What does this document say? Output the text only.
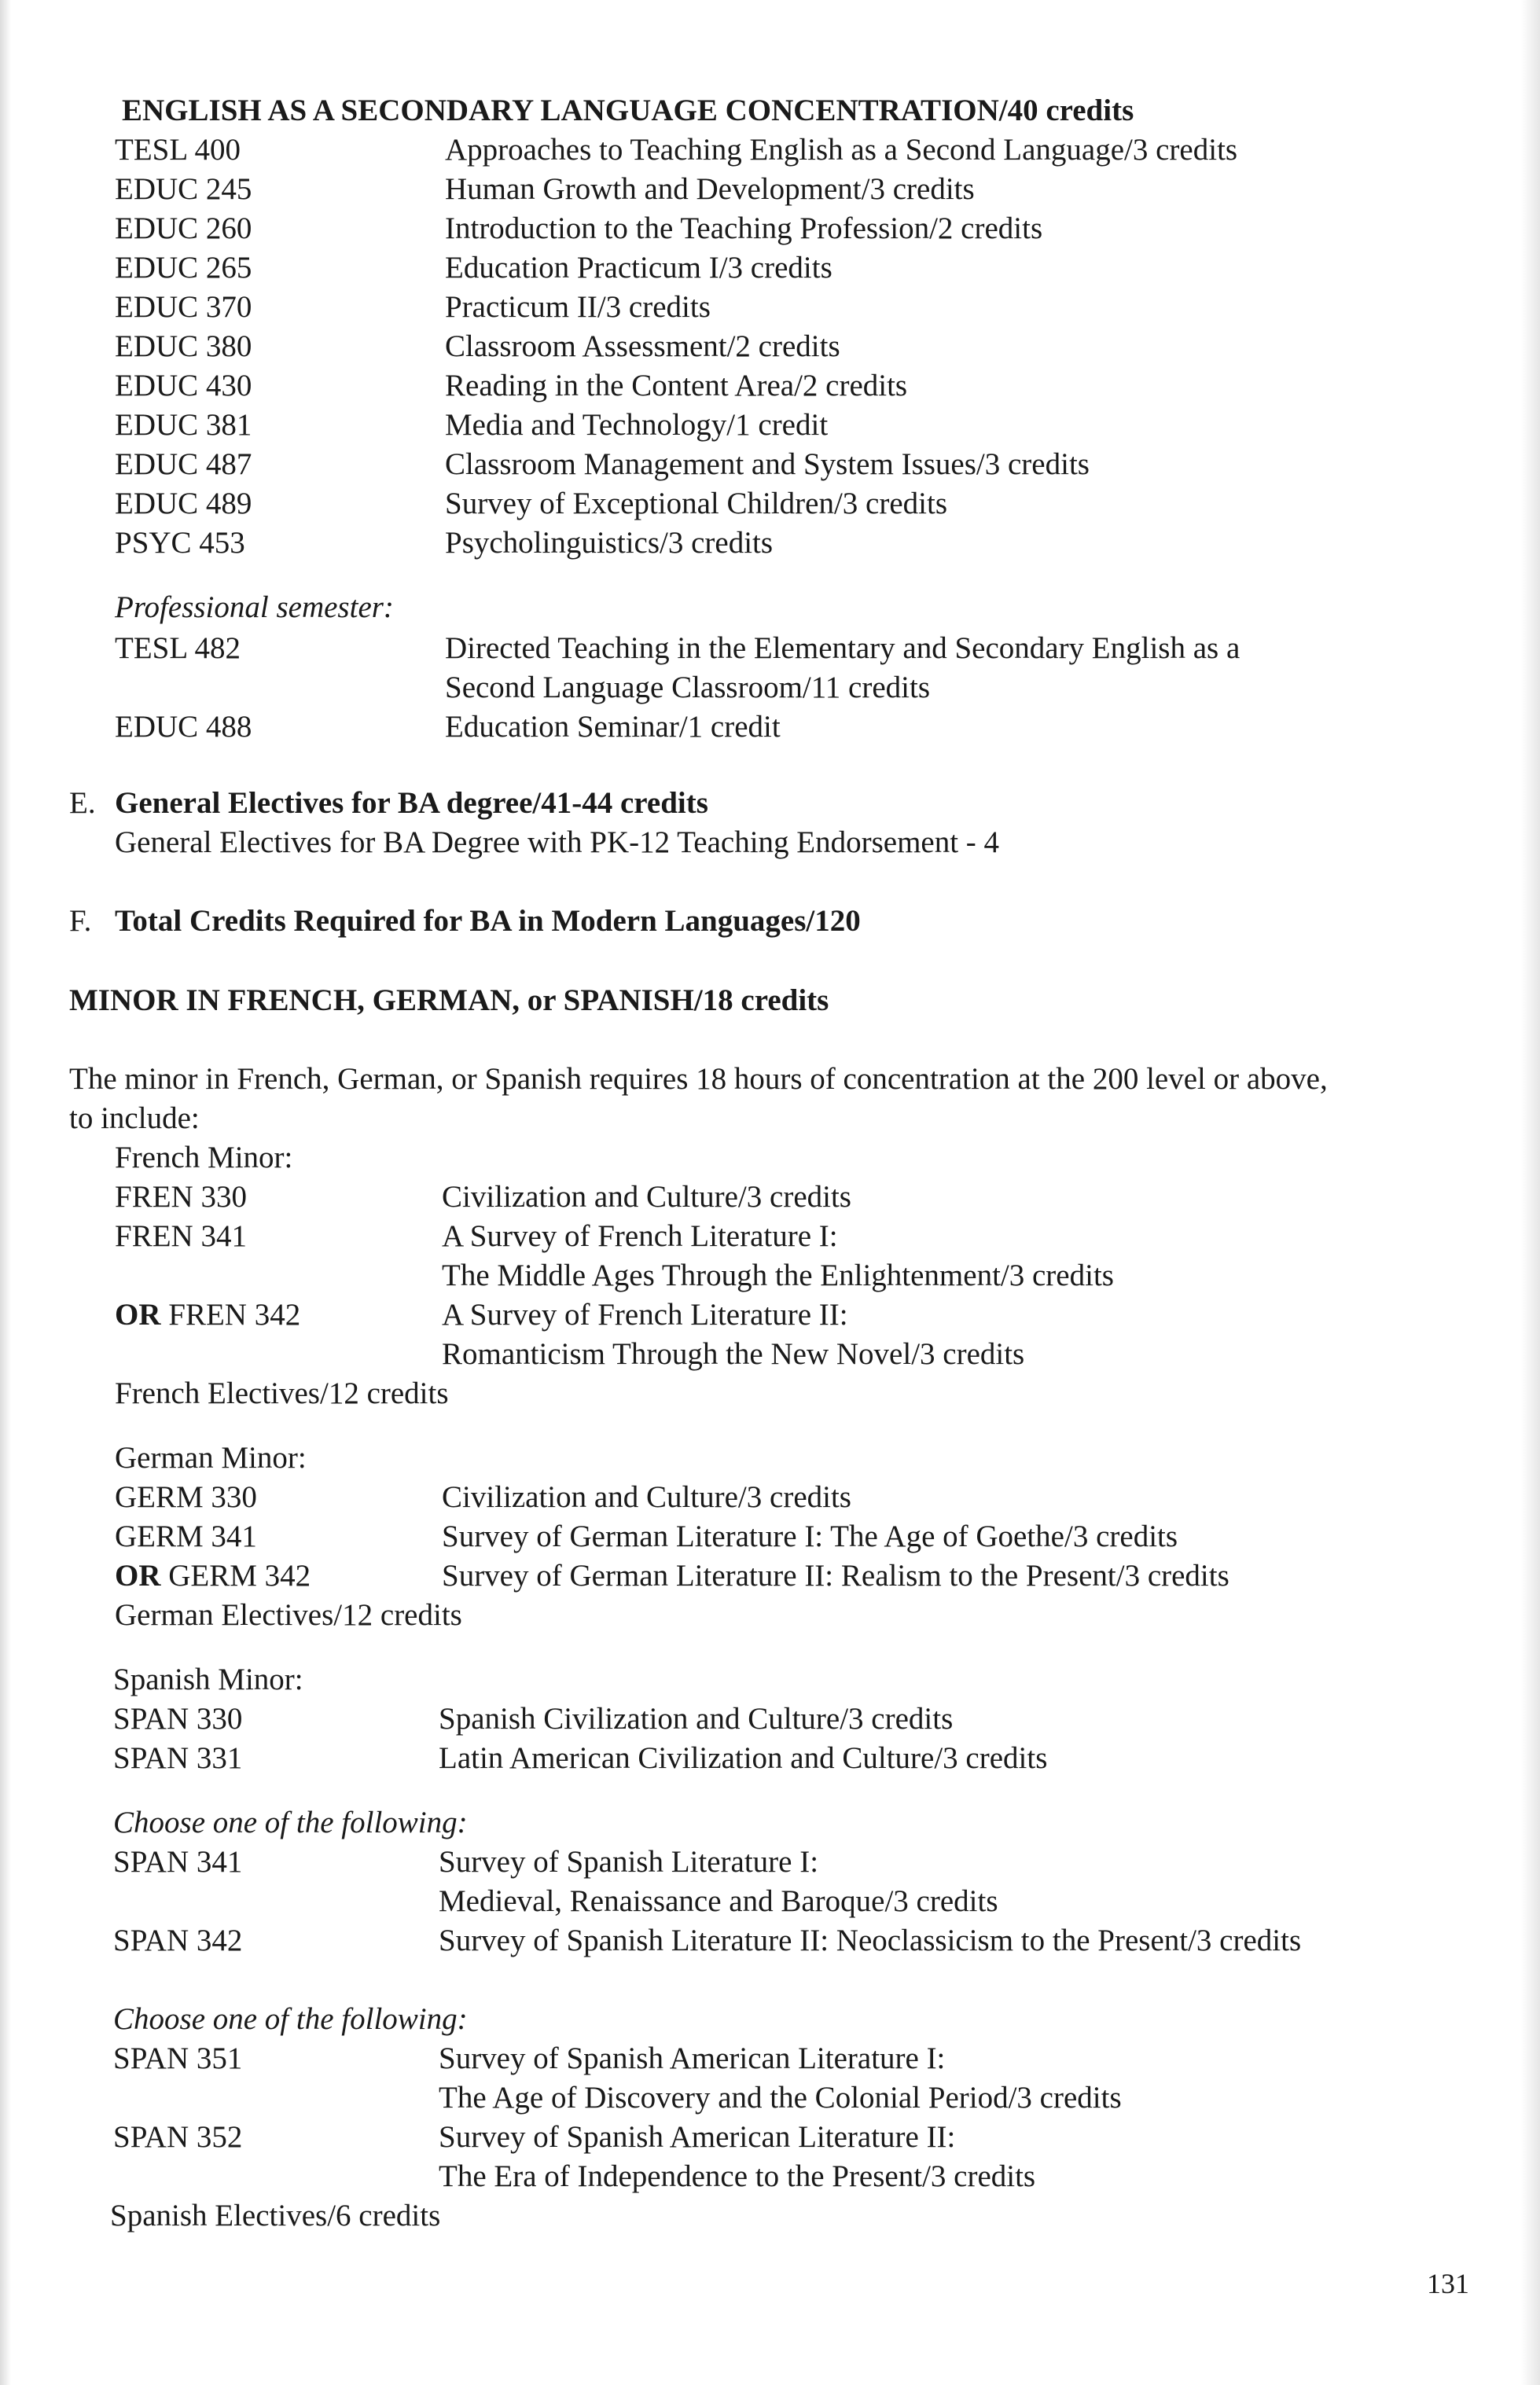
ENGLISH AS A SECONDARY LANGUAGE CONCENTRATION/40 credits
TESL 400	Approaches to Teaching English as a Second Language/3 credits
EDUC 245	Human Growth and Development/3 credits
EDUC 260	Introduction to the Teaching Profession/2 credits
EDUC 265	Education Practicum I/3 credits
EDUC 370	Practicum II/3 credits
EDUC 380	Classroom Assessment/2 credits
EDUC 430	Reading in the Content Area/2 credits
EDUC 381	Media and Technology/1 credit
EDUC 487	Classroom Management and System Issues/3 credits
EDUC 489	Survey of Exceptional Children/3 credits
PSYC 453	Psycholinguistics/3 credits
Professional semester:
TESL 482	Directed Teaching in the Elementary and Secondary English as a
Second Language Classroom/11 credits
EDUC 488	Education Seminar/1 credit
E. General Electives for BA degree/41-44 credits
General Electives for BA Degree with PK-12 Teaching Endorsement - 4
F. Total Credits Required for BA in Modern Languages/120
MINOR IN FRENCH, GERMAN, or SPANISH/18 credits
The minor in French, German, or Spanish requires 18 hours of concentration at the 200 level or above,
to include:
French Minor:
FREN 330	Civilization and Culture/3 credits
FREN 341	A Survey of French Literature I:
The Middle Ages Through the Enlightenment/3 credits
OR FREN 342	A Survey of French Literature II:
Romanticism Through the New Novel/3 credits
French Electives/12 credits
German Minor:
GERM 330	Civilization and Culture/3 credits
GERM 341	Survey of German Literature I: The Age of Goethe/3 credits
OR GERM 342	Survey of German Literature II: Realism to the Present/3 credits
German Electives/12 credits
Spanish Minor:
SPAN 330	Spanish Civilization and Culture/3 credits
SPAN 331	Latin American Civilization and Culture/3 credits
Choose one of the following:
SPAN 341	Survey of Spanish Literature I:
Medieval, Renaissance and Baroque/3 credits
SPAN 342	Survey of Spanish Literature II: Neoclassicism to the Present/3 credits
Choose one of the following:
SPAN 351	Survey of Spanish American Literature I:
The Age of Discovery and the Colonial Period/3 credits
SPAN 352	Survey of Spanish American Literature II:
The Era of Independence to the Present/3 credits
Spanish Electives/6 credits
131
